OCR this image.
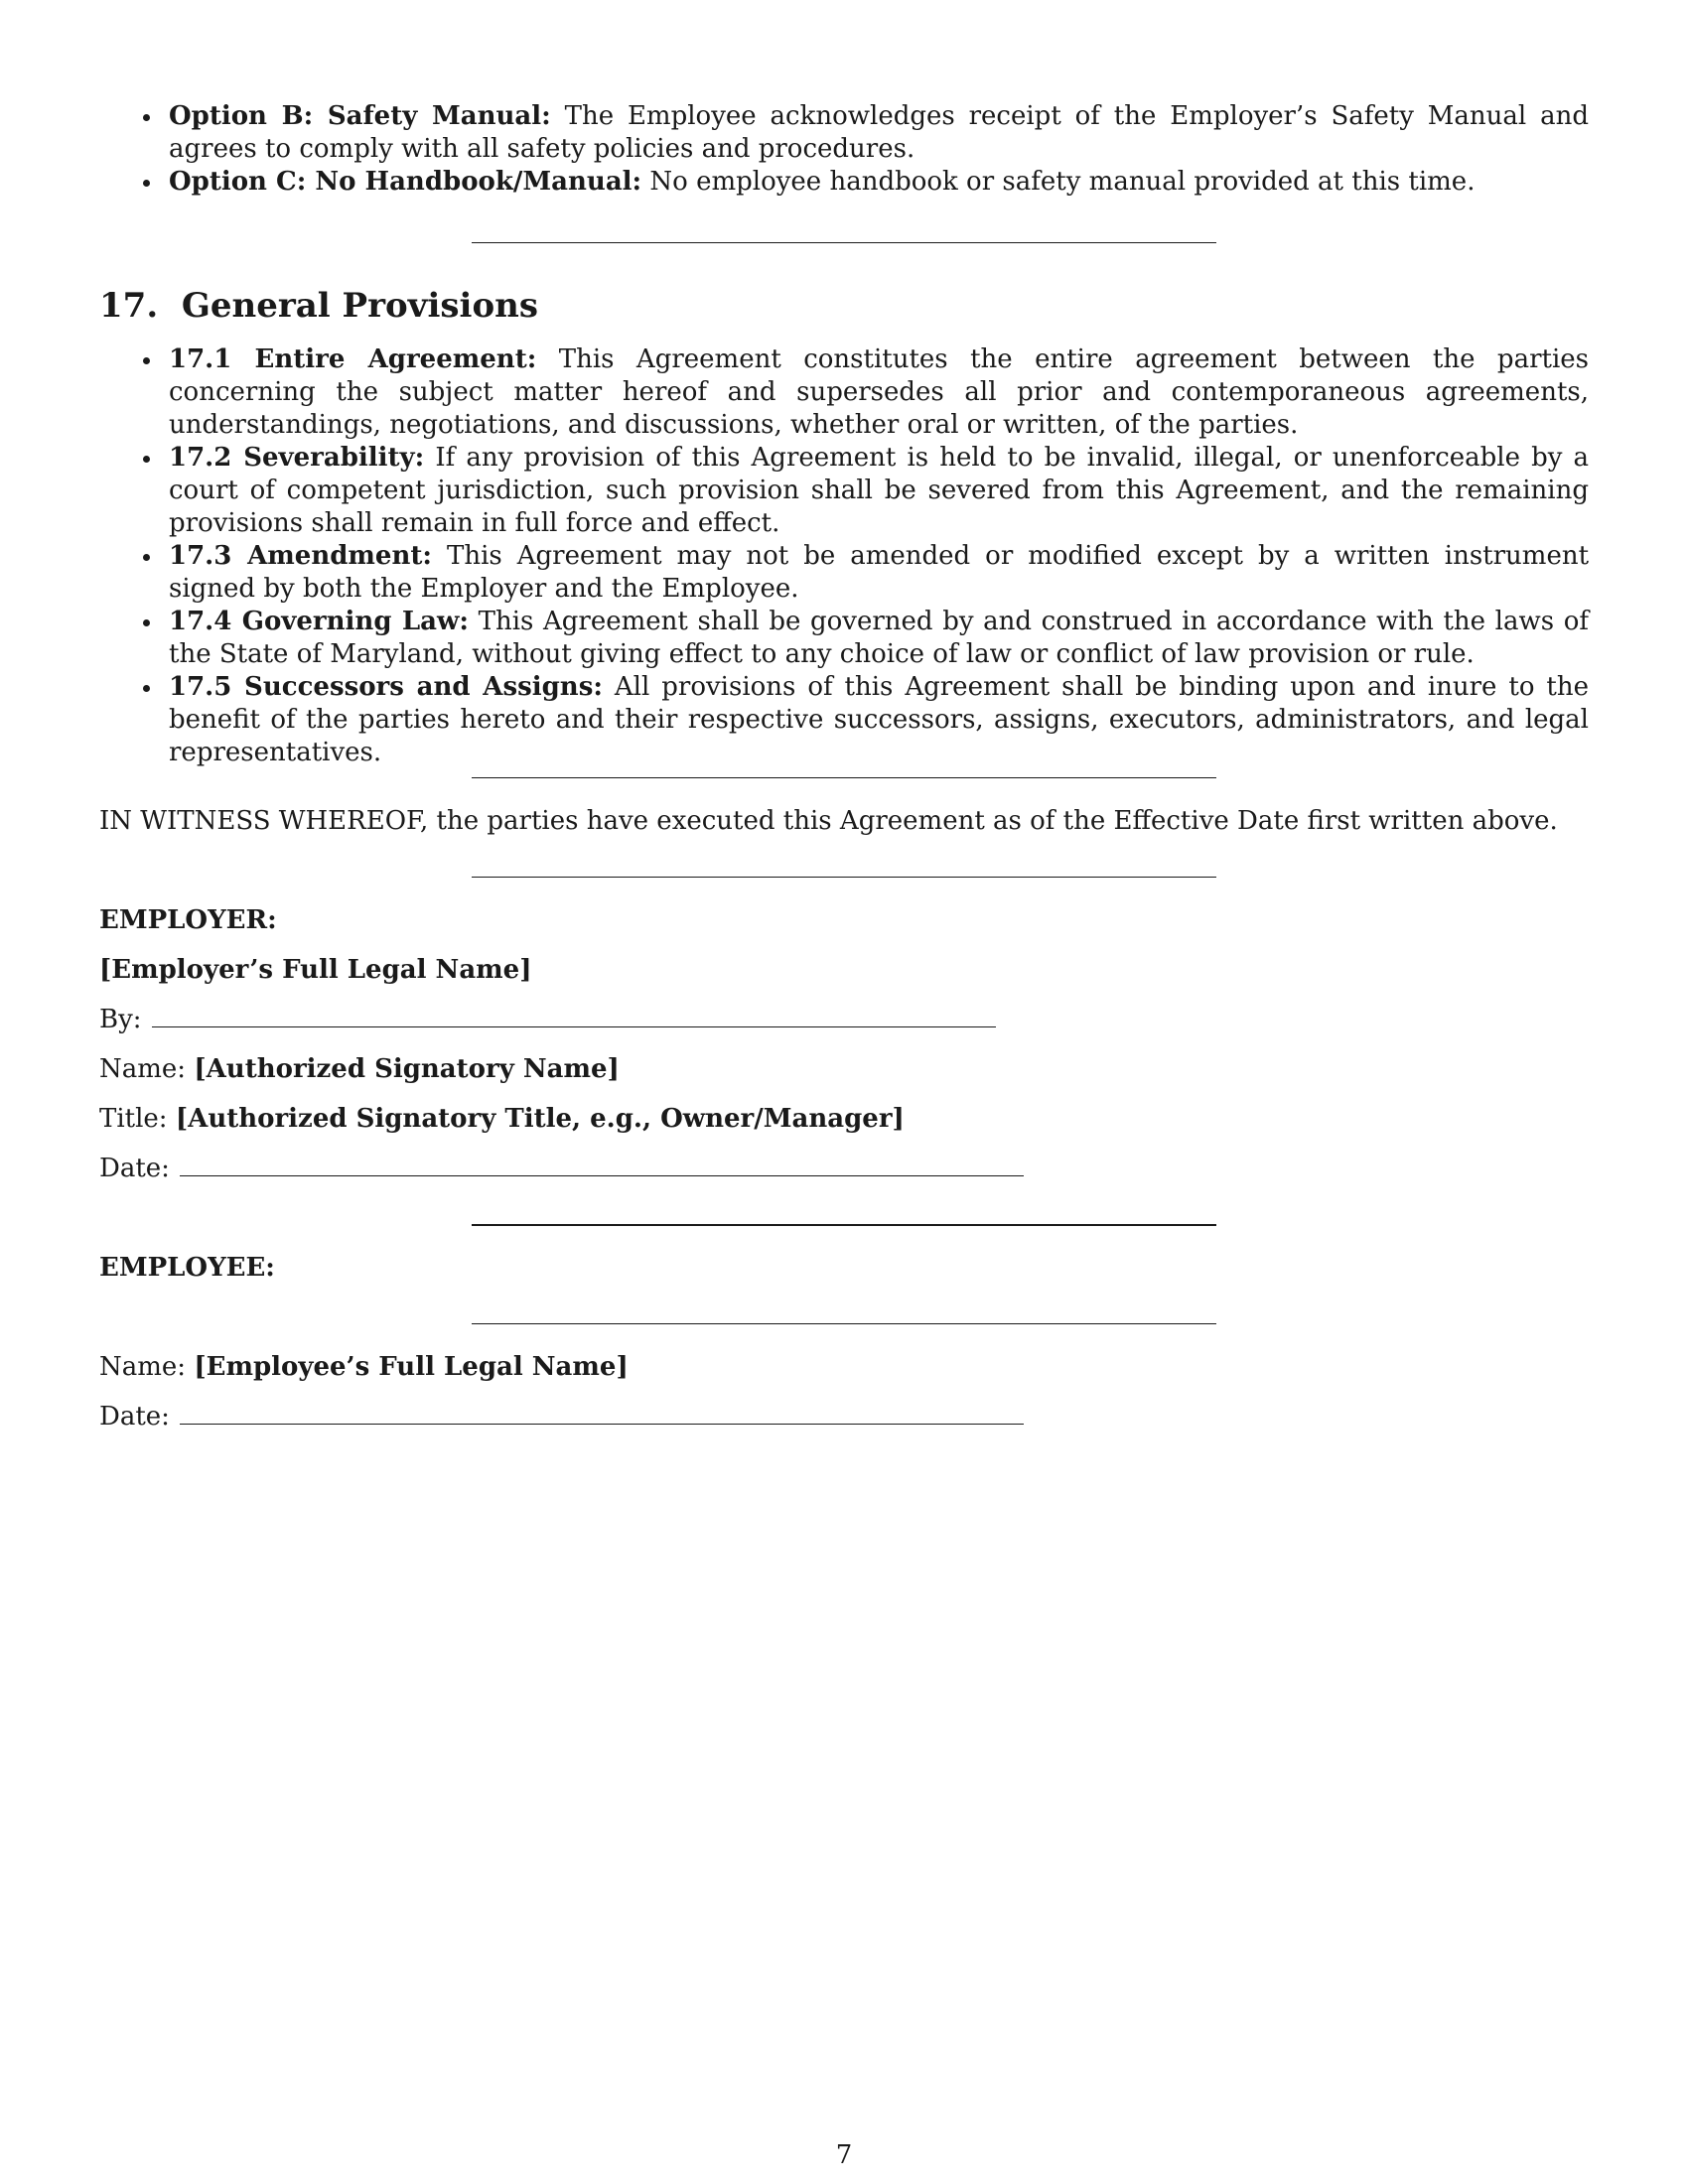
Option B: Safety Manual: The Employee acknowledges receipt of the Employer’s Safety Manual and agrees to comply with all safety policies and procedures.
Option C: No Handbook/Manual: No employee handbook or safety manual provided at this time.
17. General Provisions
17.1 Entire Agreement: This Agreement constitutes the entire agreement between the parties concerning the subject matter hereof and supersedes all prior and contemporaneous agreements, understandings, negotiations, and discussions, whether oral or written, of the parties.
17.2 Severability: If any provision of this Agreement is held to be invalid, illegal, or unenforceable by a court of competent jurisdiction, such provision shall be severed from this Agreement, and the remaining provisions shall remain in full force and effect.
17.3 Amendment: This Agreement may not be amended or modified except by a written instrument signed by both the Employer and the Employee.
17.4 Governing Law: This Agreement shall be governed by and construed in accordance with the laws of the State of Maryland, without giving effect to any choice of law or conflict of law provision or rule.
17.5 Successors and Assigns: All provisions of this Agreement shall be binding upon and inure to the benefit of the parties hereto and their respective successors, assigns, executors, administrators, and legal representatives.
IN WITNESS WHEREOF, the parties have executed this Agreement as of the Effective Date first written above.
EMPLOYER:
[Employer’s Full Legal Name]
By:
Name: [Authorized Signatory Name]
Title: [Authorized Signatory Title, e.g., Owner/Manager]
Date:
EMPLOYEE:
Name: [Employee’s Full Legal Name]
Date:
7
